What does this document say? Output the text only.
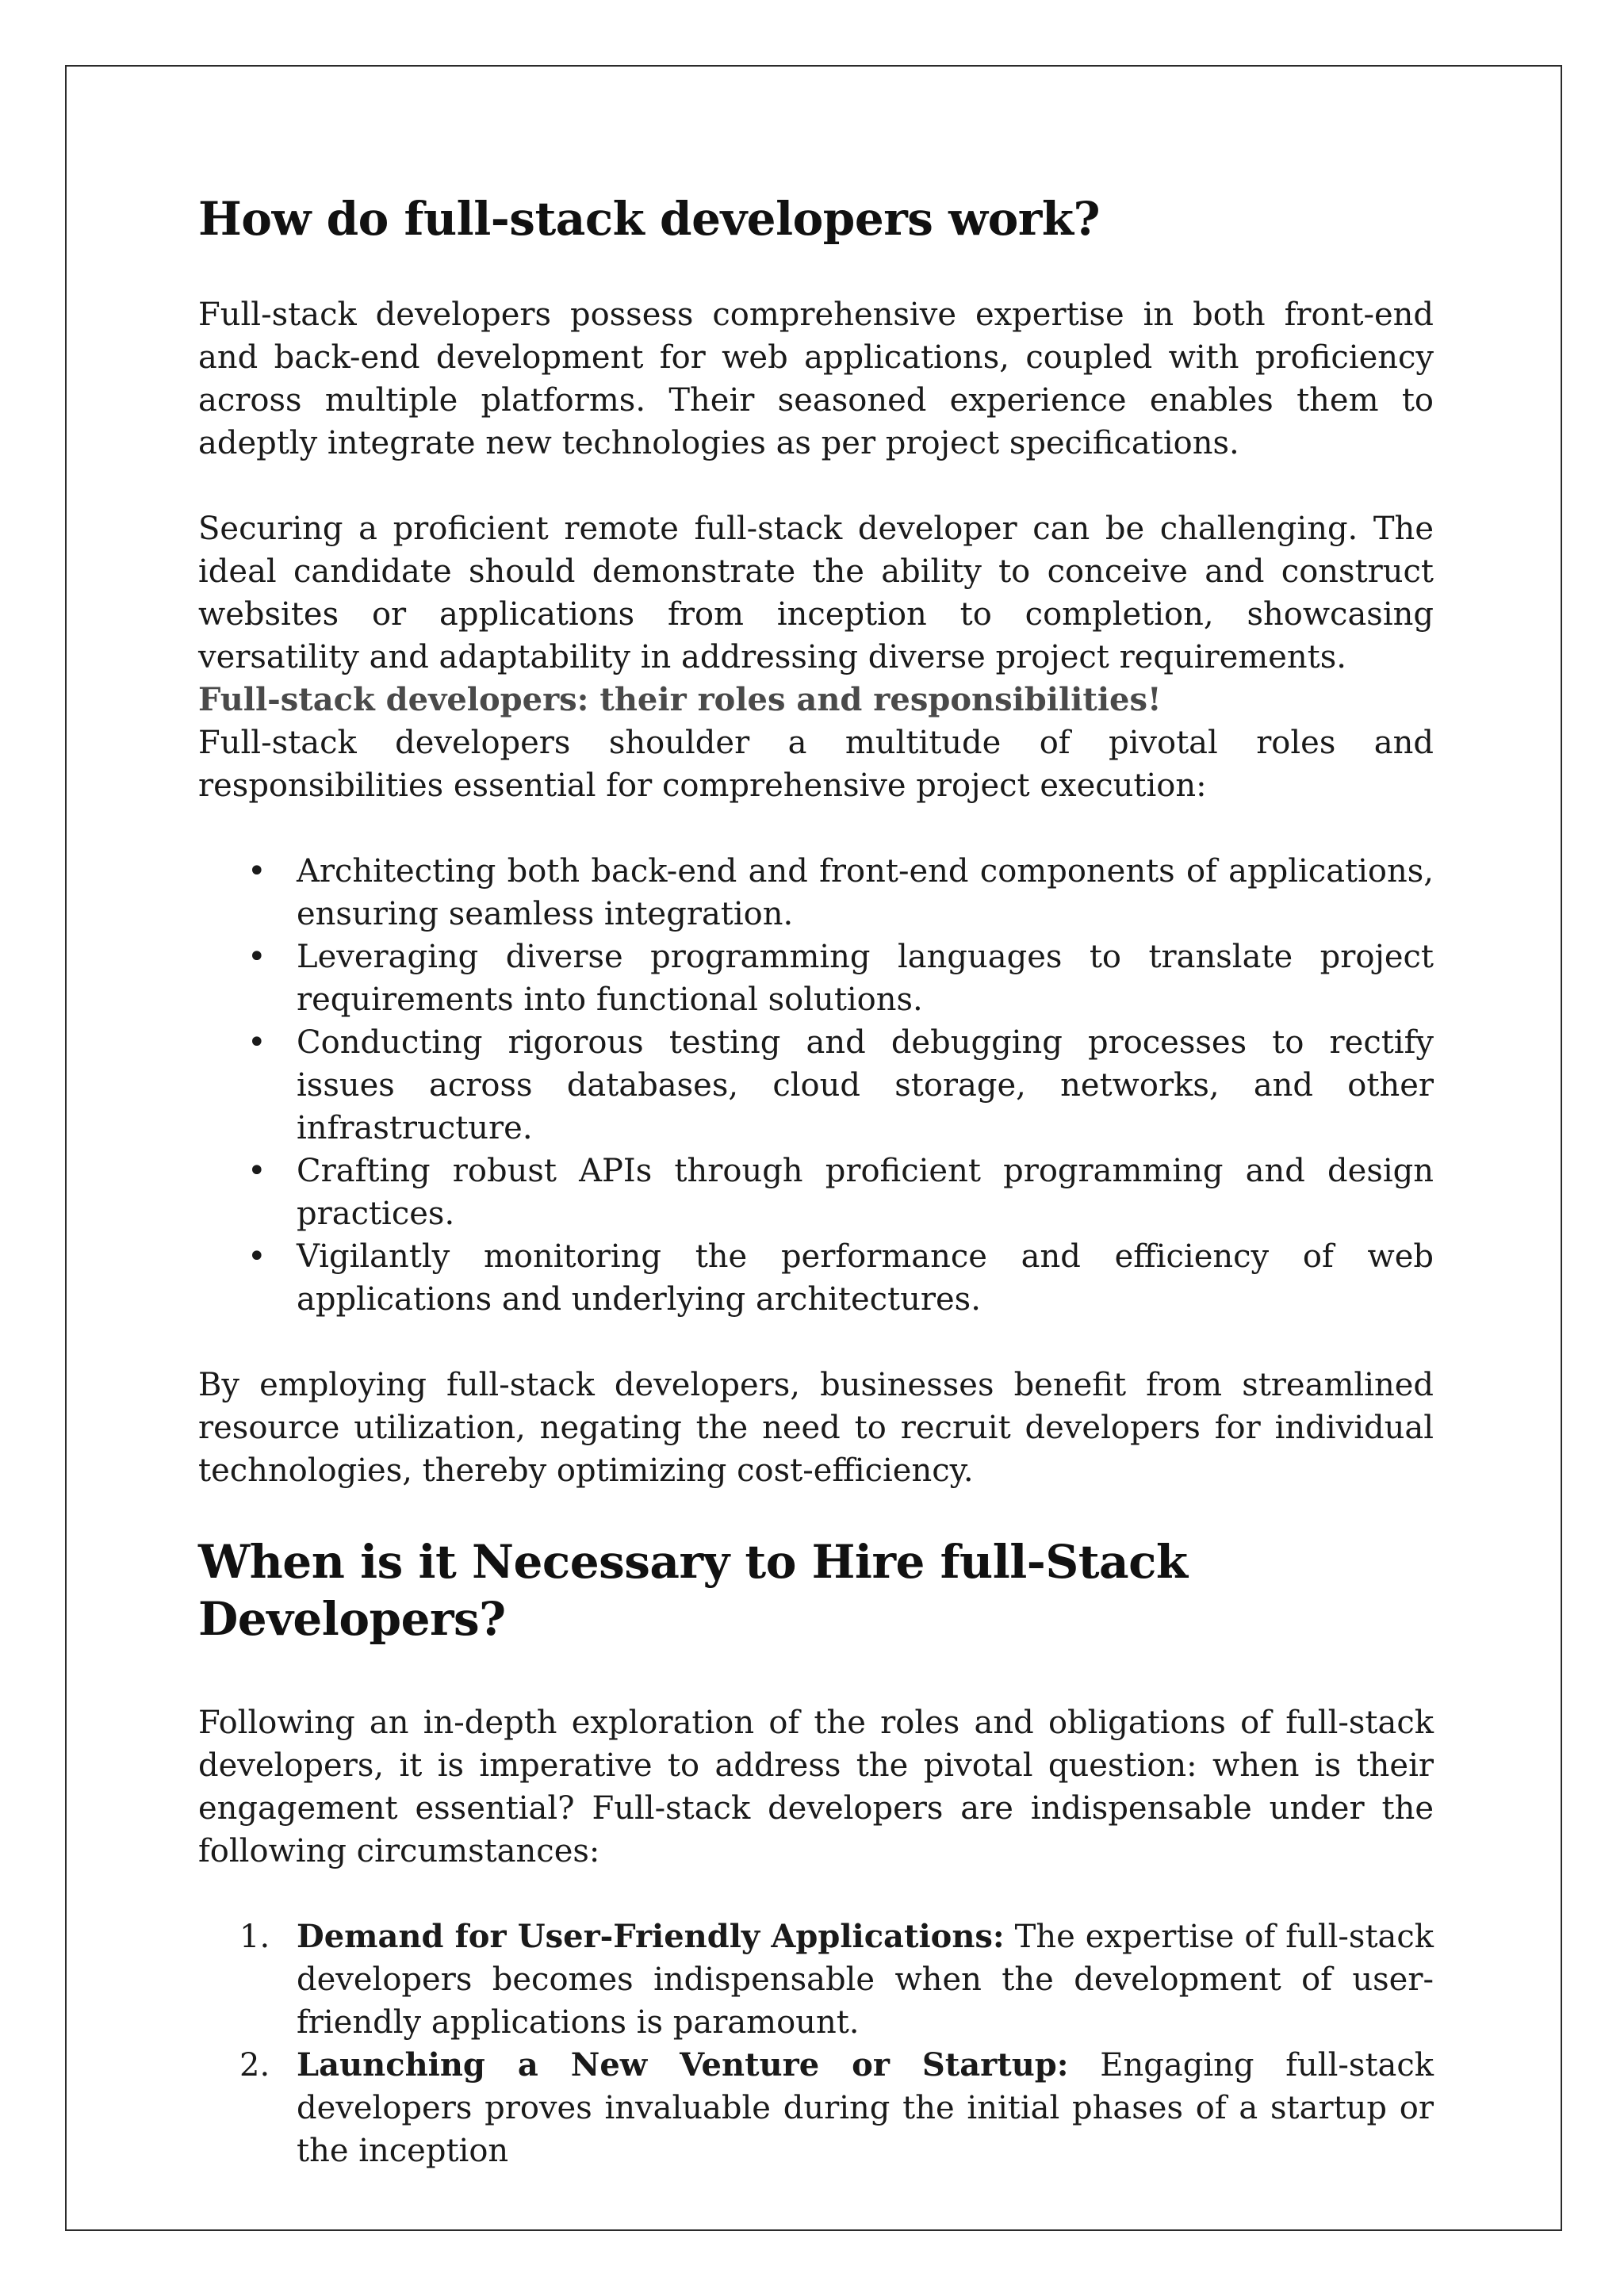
How do full-stack developers work?

Full-stack developers possess comprehensive expertise in both front-end and back-end development for web applications, coupled with proficiency across multiple platforms. Their seasoned experience enables them to adeptly integrate new technologies as per project specifications.

Securing a proficient remote full-stack developer can be challenging. The ideal candidate should demonstrate the ability to conceive and construct websites or applications from inception to completion, showcasing versatility and adaptability in addressing diverse project requirements.

Full-stack developers: their roles and responsibilities!

Full-stack developers shoulder a multitude of pivotal roles and responsibilities essential for comprehensive project execution:

• Architecting both back-end and front-end components of applications, ensuring seamless integration.
• Leveraging diverse programming languages to translate project requirements into functional solutions.
• Conducting rigorous testing and debugging processes to rectify issues across databases, cloud storage, networks, and other infrastructure.
• Crafting robust APIs through proficient programming and design practices.
• Vigilantly monitoring the performance and efficiency of web applications and underlying architectures.

By employing full-stack developers, businesses benefit from streamlined resource utilization, negating the need to recruit developers for individual technologies, thereby optimizing cost-efficiency.

When is it Necessary to Hire full-Stack Developers?

Following an in-depth exploration of the roles and obligations of full-stack developers, it is imperative to address the pivotal question: when is their engagement essential? Full-stack developers are indispensable under the following circumstances:

1. Demand for User-Friendly Applications: The expertise of full-stack developers becomes indispensable when the development of user-friendly applications is paramount.
2. Launching a New Venture or Startup: Engaging full-stack developers proves invaluable during the initial phases of a startup or the inception
